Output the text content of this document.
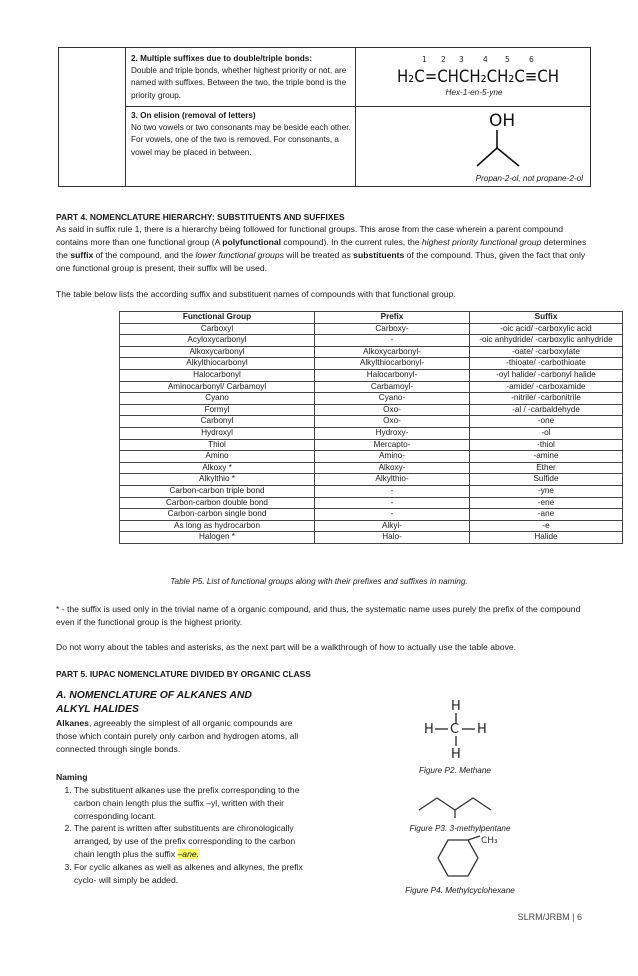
2. Multiple suffixes due to double/triple bonds:
Double and triple bonds, whether highest priority or not, are named with suffixes. Between the two, the triple bond is the priority group.
3. On elision (removal of letters)
No two vowels or two consonants may be beside each other. For vowels, one of the two is removed. For consonants, a vowel may be placed in between.
1 2 3	4 5	6
H₂C=CHCH₂CH₂C≡CH
Hex-1-en-5-yne
OH
Propan-2-ol, not propane-2-ol
PART 4. NOMENCLATURE HIERARCHY: SUBSTITUENTS AND SUFFIXES
As said in suffix rule 1, there is a hierarchy being followed for functional groups. This arose from the case wherein a parent compound contains more than one functional group (A polyfunctional compound). In the current rules, the highest priority functional group determines the suffix of the compound, and the lower functional groups will be treated as substituents of the compound. Thus, given the fact that only one functional group is present, their suffix will be used.
The table below lists the according suffix and substituent names of compounds with that functional group.
Functional Group	Prefix	Suffix
Carboxyl	Carboxy-	-oic acid/ -carboxylic acid
Acyloxycarbonyl	-	-oic anhydride/ -carboxylic anhydride
Alkoxycarbonyl	Alkoxycarbonyl-	-oate/ -carboxylate
Alkylthiocarbonyl	Alkylthiocarbonyl-	-thioate/ -carbothioate
Halocarbonyl	Halocarbonyl-	-oyl halide/ -carbonyl halide
Aminocarbonyl/ Carbamoyl	Carbamoyl-	-amide/ -carboxamide
Cyano	Cyano-	-nitrile/ -carbonitrile
Formyl	Oxo-	-al / -carbaldehyde
Carbonyl	Oxo-	-one
Hydroxyl	Hydroxy-	-ol
Thiol	Mercapto-	-thiol
Amino	Amino-	-amine
Alkoxy *	Alkoxy-	Ether
Alkylthio *	Alkylthio-	Sulfide
Carbon-carbon triple bond	-	-yne
Carbon-carbon double bond	-	-ene
Carbon-carbon single bond	-	-ane
As long as hydrocarbon	Alkyl-	-e
Halogen *	Halo-	Halide
Table P5. List of functional groups along with their prefixes and suffixes in naming.
* - the suffix is used only in the trivial name of a organic compound, and thus, the systematic name uses purely the prefix of the compound even if the functional group is the highest priority.
Do not worry about the tables and asterisks, as the next part will be a walkthrough of how to actually use the table above.
PART 5. IUPAC NOMENCLATURE DIVIDED BY ORGANIC CLASS
A. NOMENCLATURE OF ALKANES AND ALKYL HALIDES
Alkanes, agreeably the simplest of all organic compounds are those which contain purely only carbon and hydrogen atoms, all connected through single bonds.
Naming
1. The substituent alkanes use the prefix corresponding to the carbon chain length plus the suffix –yl, written with their corresponding locant.
2. The parent is written after substituents are chronologically arranged, by use of the prefix corresponding to the carbon chain length plus the suffix –ane.
3. For cyclic alkanes as well as alkenes and alkynes, the prefix cyclo- will simply be added.
H
H C H
H
Figure P2. Methane
Figure P3. 3-methylpentane
CH₃
Figure P4. Methylcyclohexane
SLRM/JRBM | 6
